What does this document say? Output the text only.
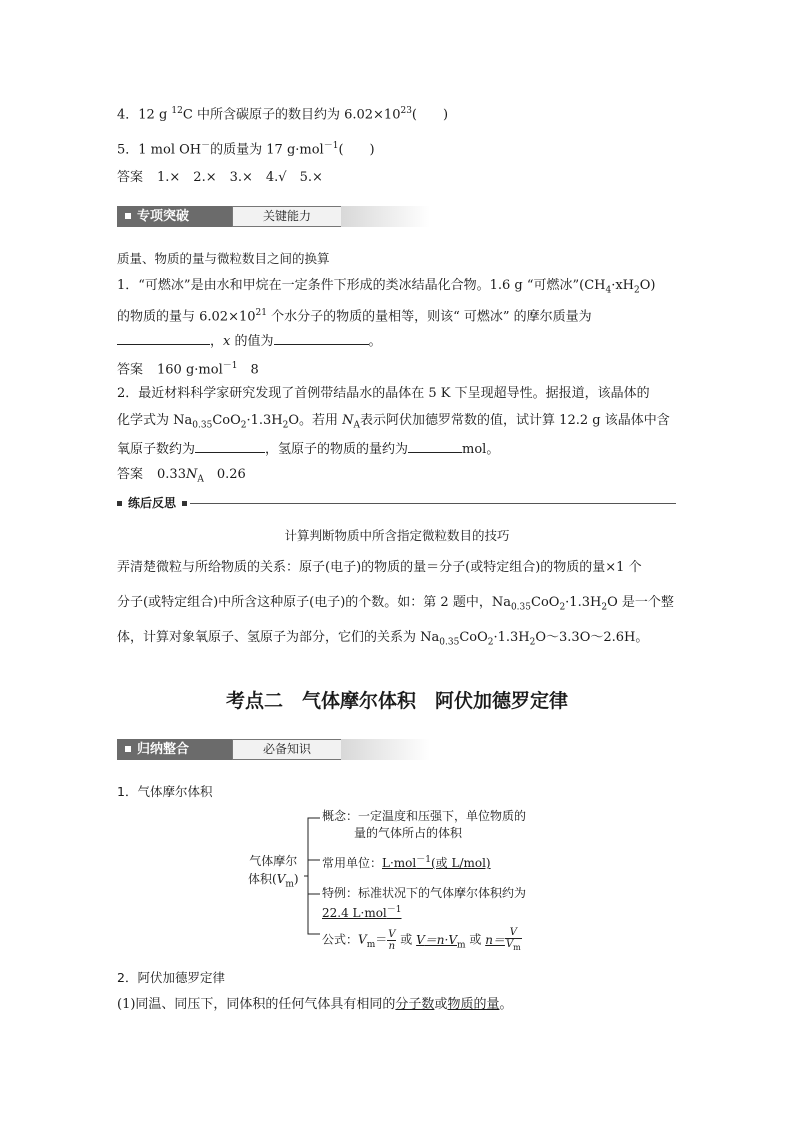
4．12 g $^{12}$C 中所含碳原子的数目约为 $6.02\times 10^{23}$(　　)
5．1 mol OH－的质量为 17 g·mol$^{-1}$(　　)
答案 1.×　2.×　3.×　4.√　5.×
专项突破	关键能力
质量、物质的量与微粒数目之间的换算
1．“可燃冰”是由水和甲烷在一定条件下形成的类冰结晶化合物。1.6 g “可燃冰$”(CH_4\cdot xH_2O)$
的物质的量与 $6.02\times 10^{21}$ 个水分子的物质的量相等，则该“ 可燃冰” 的摩尔质量为
，x 的值为	。
答案 160 g·mol$^{-1}$　8
2．最近材料科学家研究发现了首例带结晶水的晶体在 5 K 下呈现超导性。据报道，该晶体的
化学式为 $Na_{0.35}CoO_2\cdot 1.3H_2O$。若用 $N_A$表示阿伏加德罗常数的值，试计算 12.2 g 该晶体中含
氧原子数约为	，氢原子的物质的量约为	mol。
答案 $0.33N_A$　0.26
练后反思
计算判断物质中所含指定微粒数目的技巧
弄清楚微粒与所给物质的关系：原子(电子)的物质的量＝分子(或特定组合)的物质的量×1 个
分子(或特定组合)中所含这种原子(电子)的个数。如：第 2 题中，$Na_{0.35}CoO_2\cdot 1.3H_2O$ 是一个整
体，计算对象氧原子、氢原子为部分，它们的关系为 $Na_{0.35}CoO_2\cdot 1.3H_2O\sim 3.3O\sim 2.6H$。
考点二　气体摩尔体积　阿伏加德罗定律
归纳整合	必备知识
1．气体摩尔体积
气体摩尔
体积$(V_m)$
概念：一定温度和压强下，单位物质的
量的气体所占的体积
常用单位：L·mol$^{-1}$(或 L/mol)
特例：标准状况下的气体摩尔体积约为
22.4 L·mol$^{-1}$
公式：$V_m= \frac{V}{n}$ 或 $V=n\cdot V_m$ 或 $n= \frac{V}{V_m}$
2．阿伏加德罗定律
(1)同温、同压下，同体积的任何气体具有相同的分子数或物质的量。
